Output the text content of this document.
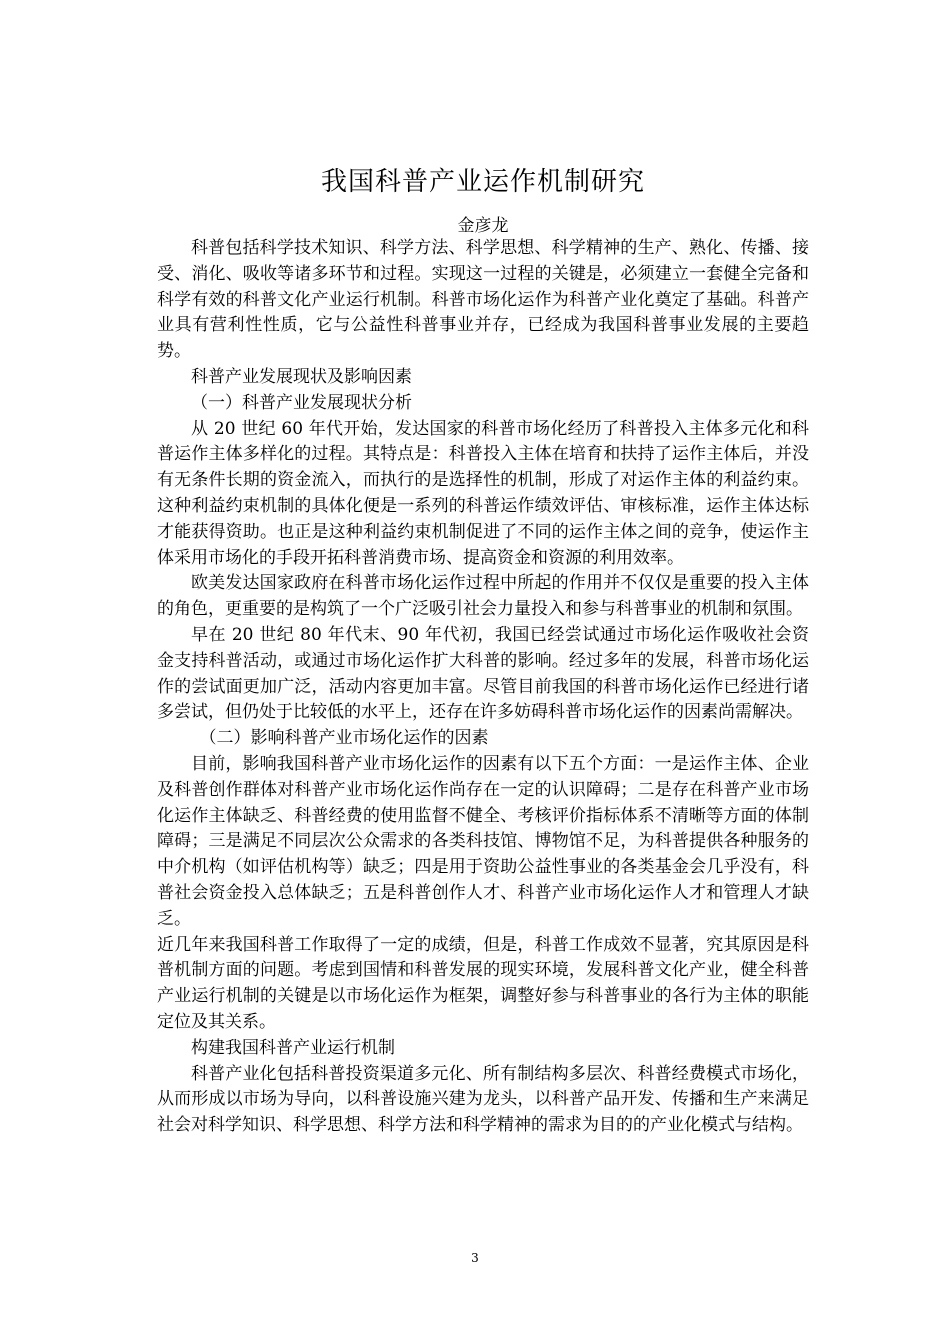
我国科普产业运作机制研究
金彦龙

科普包括科学技术知识、科学方法、科学思想、科学精神的生产、熟化、传播、接受、消化、吸收等诸多环节和过程。实现这一过程的关键是，必须建立一套健全完备和科学有效的科普文化产业运行机制。科普市场化运作为科普产业化奠定了基础。科普产业具有营利性性质，它与公益性科普事业并存，已经成为我国科普事业发展的主要趋势。

科普产业发展现状及影响因素

（一）科普产业发展现状分析

从 20 世纪 60 年代开始，发达国家的科普市场化经历了科普投入主体多元化和科普运作主体多样化的过程。其特点是：科普投入主体在培育和扶持了运作主体后，并没有无条件长期的资金流入，而执行的是选择性的机制，形成了对运作主体的利益约束。这种利益约束机制的具体化便是一系列的科普运作绩效评估、审核标准，运作主体达标才能获得资助。也正是这种利益约束机制促进了不同的运作主体之间的竞争，使运作主体采用市场化的手段开拓科普消费市场、提高资金和资源的利用效率。

欧美发达国家政府在科普市场化运作过程中所起的作用并不仅仅是重要的投入主体的角色，更重要的是构筑了一个广泛吸引社会力量投入和参与科普事业的机制和氛围。

早在 20 世纪 80 年代末、90 年代初，我国已经尝试通过市场化运作吸收社会资金支持科普活动，或通过市场化运作扩大科普的影响。经过多年的发展，科普市场化运作的尝试面更加广泛，活动内容更加丰富。尽管目前我国的科普市场化运作已经进行诸多尝试，但仍处于比较低的水平上，还存在许多妨碍科普市场化运作的因素尚需解决。

（二）影响科普产业市场化运作的因素

目前，影响我国科普产业市场化运作的因素有以下五个方面：一是运作主体、企业及科普创作群体对科普产业市场化运作尚存在一定的认识障碍；二是存在科普产业市场化运作主体缺乏、科普经费的使用监督不健全、考核评价指标体系不清晰等方面的体制障碍；三是满足不同层次公众需求的各类科技馆、博物馆不足，为科普提供各种服务的中介机构（如评估机构等）缺乏；四是用于资助公益性事业的各类基金会几乎没有，科普社会资金投入总体缺乏；五是科普创作人才、科普产业市场化运作人才和管理人才缺乏。

近几年来我国科普工作取得了一定的成绩，但是，科普工作成效不显著，究其原因是科普机制方面的问题。考虑到国情和科普发展的现实环境，发展科普文化产业，健全科普产业运行机制的关键是以市场化运作为框架，调整好参与科普事业的各行为主体的职能定位及其关系。

构建我国科普产业运行机制

科普产业化包括科普投资渠道多元化、所有制结构多层次、科普经费模式市场化，从而形成以市场为导向，以科普设施兴建为龙头，以科普产品开发、传播和生产来满足社会对科学知识、科学思想、科学方法和科学精神的需求为目的的产业化模式与结构。

3
